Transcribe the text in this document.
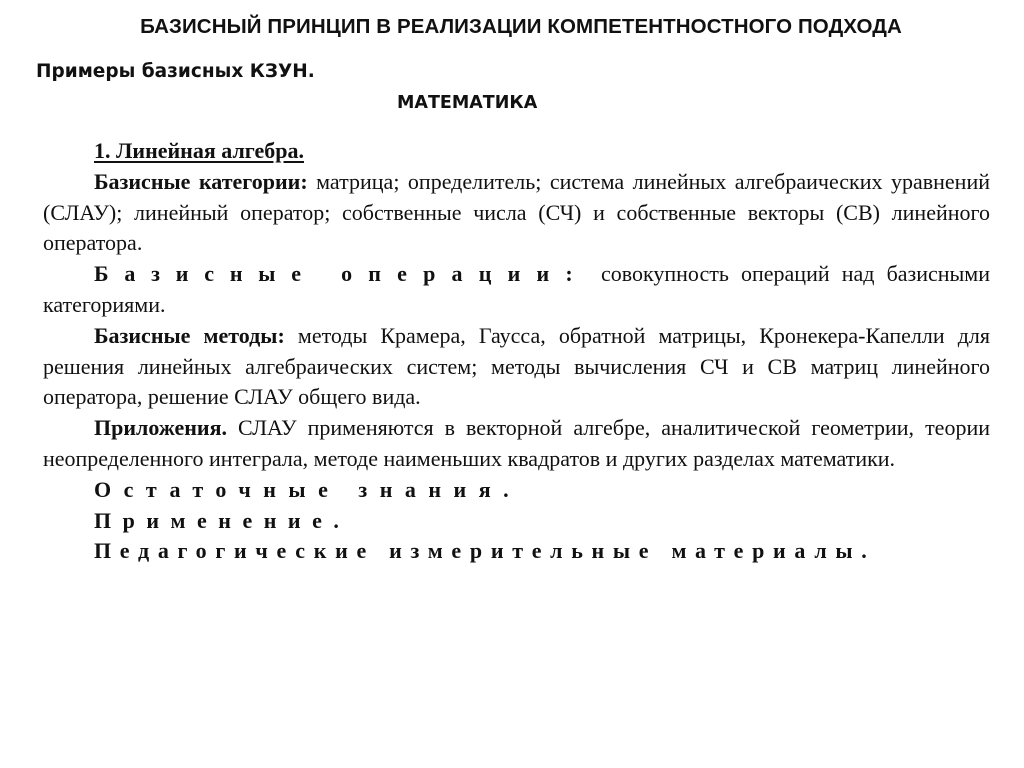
БАЗИСНЫЙ ПРИНЦИП В РЕАЛИЗАЦИИ КОМПЕТЕНТНОСТНОГО ПОДХОДА
Примеры базисных КЗУН.
МАТЕМАТИКА

1. Линейная алгебра.

Базисные категории: матрица; определитель; система линейных алгебраических уравнений (СЛАУ); линейный оператор; собственные числа (СЧ) и собственные векторы (СВ) линейного оператора.

Базисные операции: совокупность операций над базисными категориями.

Базисные методы: методы Крамера, Гаусса, обратной матрицы, Кронекера-Капелли для решения линейных алгебраических систем; методы вычисления СЧ и СВ матриц линейного оператора, решение СЛАУ общего вида.

Приложения. СЛАУ применяются в векторной алгебре, аналитической геометрии, теории неопределенного интеграла, методе наименьших квадратов и других разделах математики.

Остаточные знания.

Применение.

Педагогические измерительные материалы.
